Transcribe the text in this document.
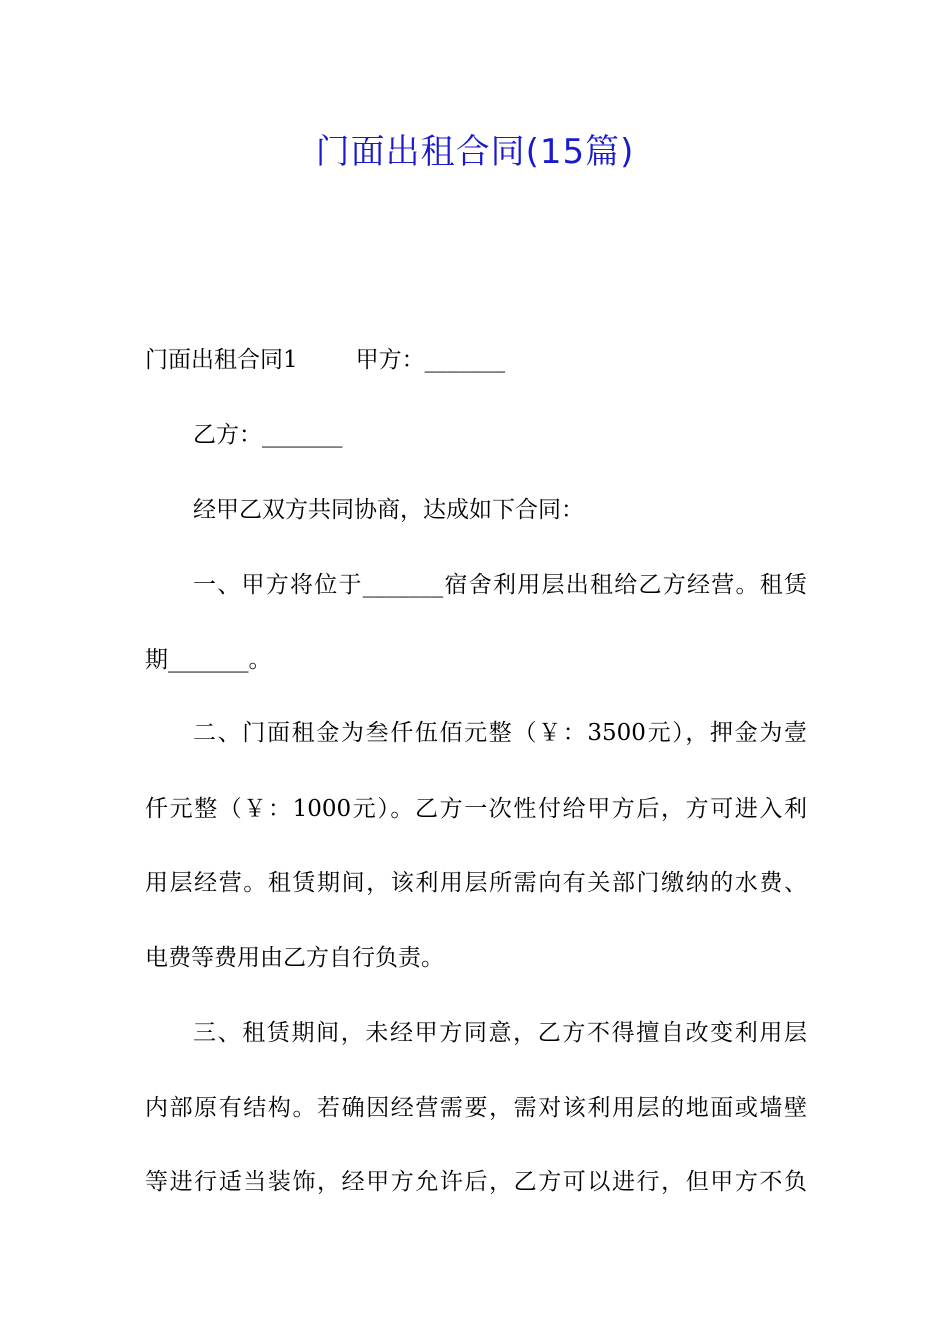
门面出租合同(15篇)

门面出租合同1	甲方：_______

乙方：_______

经甲乙双方共同协商，达成如下合同：

一、甲方将位于_______宿舍利用层出租给乙方经营。租赁

期_______。

二、门面租金为叁仟伍佰元整（￥：3500元），押金为壹

仟元整（￥：1000元）。乙方一次性付给甲方后，方可进入利

用层经营。租赁期间，该利用层所需向有关部门缴纳的水费、

电费等费用由乙方自行负责。

三、租赁期间，未经甲方同意，乙方不得擅自改变利用层

内部原有结构。若确因经营需要，需对该利用层的地面或墙壁

等进行适当装饰，经甲方允许后，乙方可以进行，但甲方不负
